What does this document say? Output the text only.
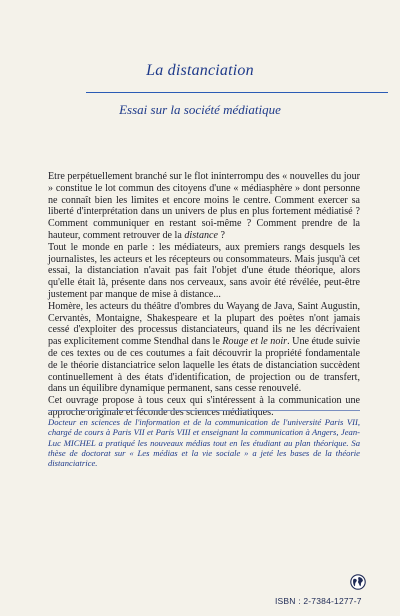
La distanciation
Essai sur la société médiatique

Etre perpétuellement branché sur le flot ininterrompu des « nouvelles du jour » constitue le lot commun des citoyens d'une « médiasphère » dont personne ne connaît bien les limites et encore moins le centre. Comment exercer sa liberté d'interprétation dans un univers de plus en plus fortement médiatisé ? Comment communiquer en restant soi-même ? Comment prendre de la hauteur, comment retrouver de la distance ?

Tout le monde en parle : les médiateurs, aux premiers rangs desquels les journalistes, les acteurs et les récepteurs ou consommateurs. Mais jusqu'à cet essai, la distanciation n'avait pas fait l'objet d'une étude théorique, alors qu'elle était là, présente dans nos cerveaux, sans avoir été révélée, peut-être justement par manque de mise à distance...

Homère, les acteurs du théâtre d'ombres du Wayang de Java, Saint Augustin, Cervantès, Montaigne, Shakespeare et la plupart des poètes n'ont jamais cessé d'exploiter des processus distanciateurs, quand ils ne les décrivaient pas explicitement comme Stendhal dans le Rouge et le noir. Une étude suivie de ces textes ou de ces coutumes a fait découvrir la propriété fondamentale de le théorie distanciatrice selon laquelle les états de distanciation succèdent continuellement à des états d'identification, de projection ou de transfert, dans un équilibre dynamique permanent, sans cesse renouvelé.

Cet ouvrage propose à tous ceux qui s'intéressent à la communication une approche originale et féconde des sciences médiatiques.

Docteur en sciences de l'information et de la communication de l'université Paris VII, chargé de cours à Paris VII et Paris VIII et enseignant la communication à Angers, Jean-Luc MICHEL a pratiqué les nouveaux médias tout en les étudiant au plan théorique. Sa thèse de doctorat sur « Les médias et la vie sociale » a jeté les bases de la théorie distanciatrice.
ISBN : 2-7384-1277-7
